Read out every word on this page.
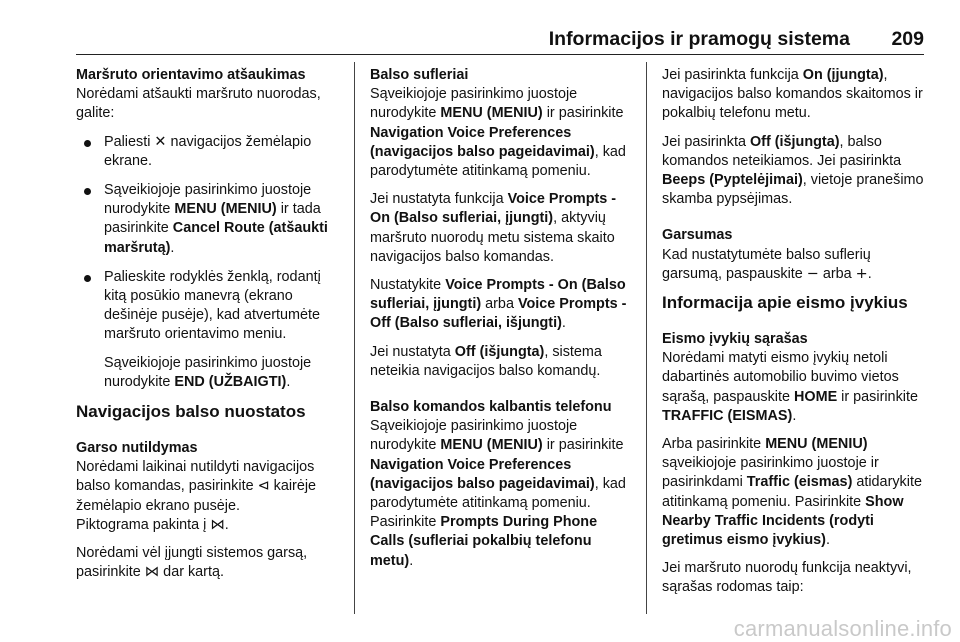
Informacijos ir pramogų sistema 209

Maršruto orientavimo atšaukimas

Norėdami atšaukti maršruto nuorodas, galite:

Paliesti ✕ navigacijos žemėlapio ekrane.
Sąveikiojoje pasirinkimo juostoje nurodykite MENU (MENIU) ir tada pasirinkite Cancel Route (atšaukti maršrutą).

Palieskite rodyklės ženklą, rodantį kitą posūkio manevrą (ekrano dešinėje pusėje), kad atvertumėte maršruto orientavimo meniu.

Sąveikiojoje pasirinkimo juostoje nurodykite END (UŽBAIGTI).

Navigacijos balso nuostatos

Garso nutildymas

Norėdami laikinai nutildyti navigacijos balso komandas, pasirinkite ⊲ kairėje žemėlapio ekrano pusėje.
Piktograma pakinta į ⋈.

Norėdami vėl įjungti sistemos garsą, pasirinkite ⋈ dar kartą.

Balso sufleriai

Sąveikiojoje pasirinkimo juostoje nurodykite MENU (MENIU) ir pasirinkite Navigation Voice Preferences (navigacijos balso pageidavimai), kad parodytumėte atitinkamą pomeniu.

Jei nustatyta funkcija Voice Prompts - On (Balso sufleriai, įjungti), aktyvių maršruto nuorodų metu sistema skaito navigacijos balso komandas.

Nustatykite Voice Prompts - On (Balso sufleriai, įjungti) arba Voice Prompts - Off (Balso sufleriai, išjungti).

Jei nustatyta Off (išjungta), sistema neteikia navigacijos balso komandų.

Balso komandos kalbantis telefonu

Sąveikiojoje pasirinkimo juostoje nurodykite MENU (MENIU) ir pasirinkite Navigation Voice Preferences (navigacijos balso pageidavimai), kad parodytumėte atitinkamą pomeniu. Pasirinkite Prompts During Phone Calls (sufleriai pokalbių telefonu metu).

Jei pasirinkta funkcija On (įjungta), navigacijos balso komandos skaitomos ir pokalbių telefonu metu.

Jei pasirinkta Off (išjungta), balso komandos neteikiamos. Jei pasirinkta Beeps (Pyptelėjimai), vietoje pranešimo skamba pypsėjimas.

Garsumas

Kad nustatytumėte balso suflerių garsumą, paspauskite − arba +.

Informacija apie eismo įvykius

Eismo įvykių sąrašas

Norėdami matyti eismo įvykių netoli dabartinės automobilio buvimo vietos sąrašą, paspauskite HOME ir pasirinkite TRAFFIC (EISMAS).

Arba pasirinkite MENU (MENIU) sąveikiojoje pasirinkimo juostoje ir pasirinkdami Traffic (eismas) atidarykite atitinkamą pomeniu. Pasirinkite Show Nearby Traffic Incidents (rodyti gretimus eismo įvykius).

Jei maršruto nuorodų funkcija neaktyvi, sąrašas rodomas taip:

carmanualsonline.info
